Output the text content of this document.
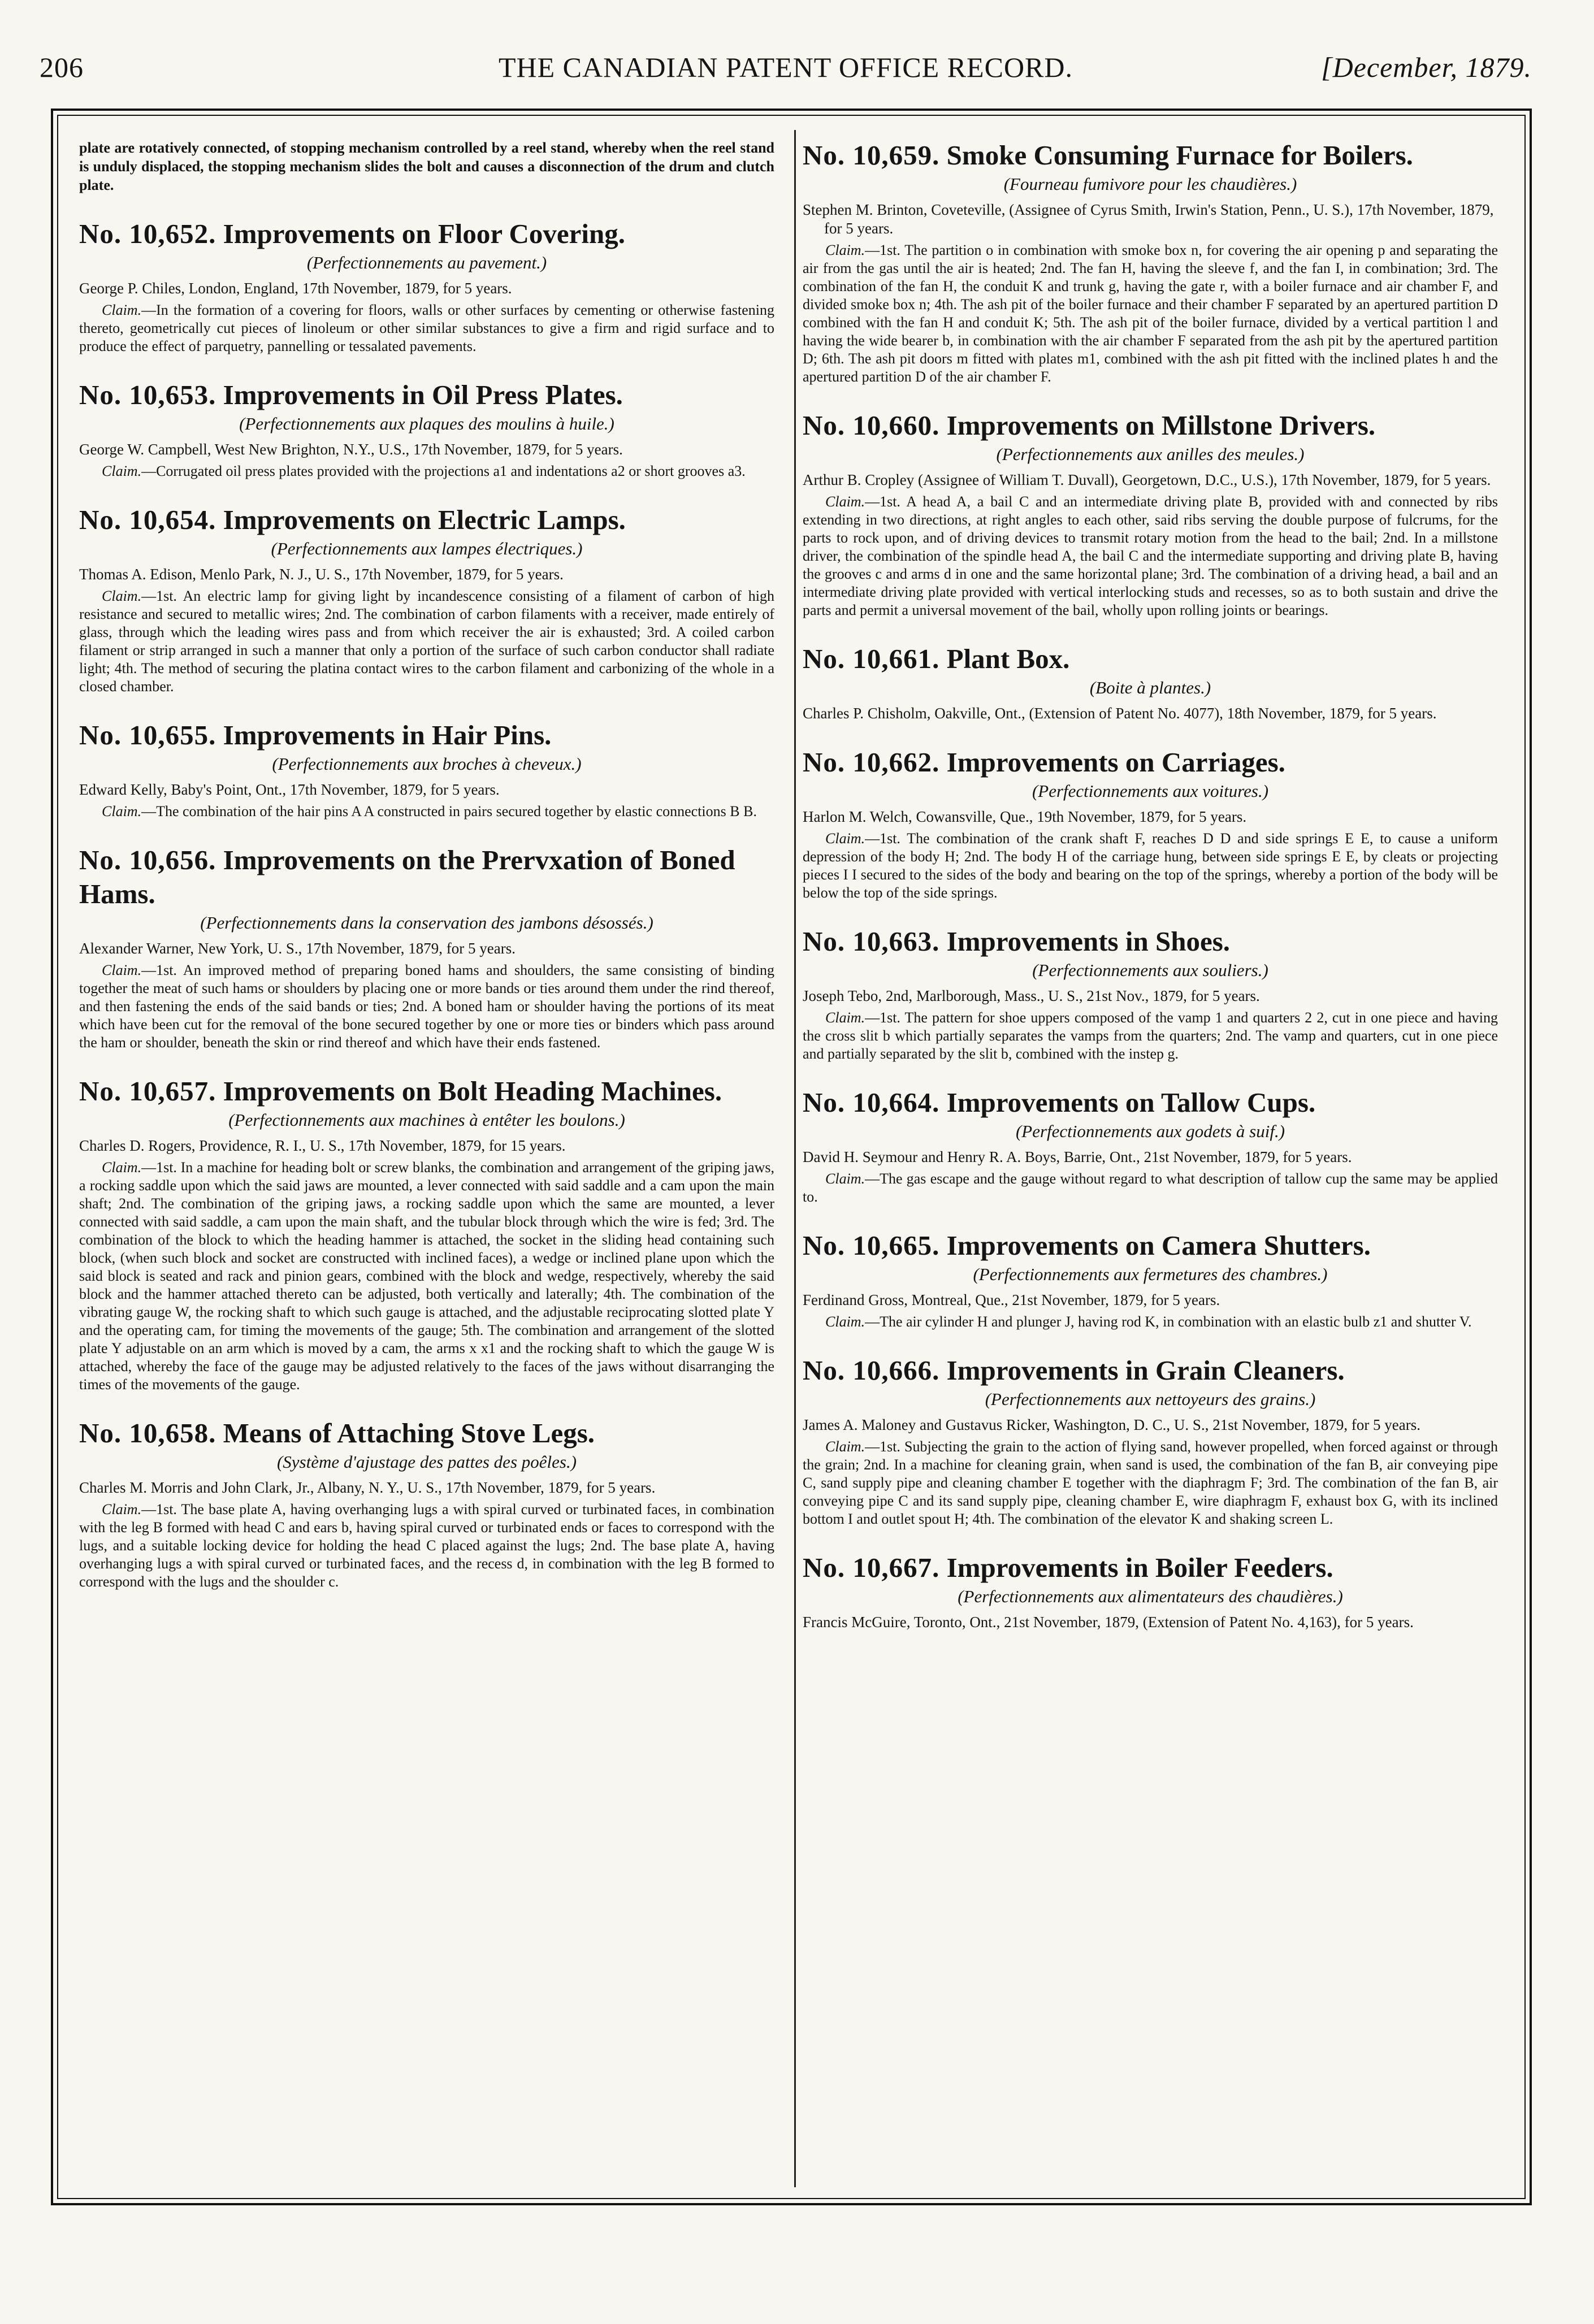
206	THE CANADIAN PATENT OFFICE RECORD.	[December, 1879.

plate are rotatively connected, of stopping mechanism controlled by a reel stand, whereby when the reel stand is unduly displaced, the stopping mechanism slides the bolt and causes a disconnection of the drum and clutch plate.

No. 10,652. Improvements on Floor Covering.

(Perfectionnements au pavement.)

George P. Chiles, London, England, 17th November, 1879, for 5 years.

Claim.—In the formation of a covering for floors, walls or other surfaces by cementing or otherwise fastening thereto, geometrically cut pieces of linoleum or other similar substances to give a firm and rigid surface and to produce the effect of parquetry, pannelling or tessalated pavements.

No. 10,653. Improvements in Oil Press Plates.

(Perfectionnements aux plaques des moulins à huile.)

George W. Campbell, West New Brighton, N.Y., U.S., 17th November, 1879, for 5 years.

Claim.—Corrugated oil press plates provided with the projections a1 and indentations a2 or short grooves a3.

No. 10,654. Improvements on Electric Lamps.

(Perfectionnements aux lampes électriques.)

Thomas A. Edison, Menlo Park, N. J., U. S., 17th November, 1879, for 5 years.

Claim.—1st. An electric lamp for giving light by incandescence consisting of a filament of carbon of high resistance and secured to metallic wires; 2nd. The combination of carbon filaments with a receiver, made entirely of glass, through which the leading wires pass and from which receiver the air is exhausted; 3rd. A coiled carbon filament or strip arranged in such a manner that only a portion of the surface of such carbon conductor shall radiate light; 4th. The method of securing the platina contact wires to the carbon filament and carbonizing of the whole in a closed chamber.

No. 10,655. Improvements in Hair Pins.

(Perfectionnements aux broches à cheveux.)

Edward Kelly, Baby's Point, Ont., 17th November, 1879, for 5 years.

Claim.—The combination of the hair pins A A constructed in pairs secured together by elastic connections B B.

No. 10,656. Improvements on the Prervxation of Boned Hams.

(Perfectionnements dans la conservation des jambons désossés.)

Alexander Warner, New York, U. S., 17th November, 1879, for 5 years.

Claim.—1st. An improved method of preparing boned hams and shoulders, the same consisting of binding together the meat of such hams or shoulders by placing one or more bands or ties around them under the rind thereof, and then fastening the ends of the said bands or ties; 2nd. A boned ham or shoulder having the portions of its meat which have been cut for the removal of the bone secured together by one or more ties or binders which pass around the ham or shoulder, beneath the skin or rind thereof and which have their ends fastened.

No. 10,657. Improvements on Bolt Heading Machines.

(Perfectionnements aux machines à entêter les boulons.)

Charles D. Rogers, Providence, R. I., U. S., 17th November, 1879, for 15 years.

Claim.—1st. In a machine for heading bolt or screw blanks, the combination and arrangement of the griping jaws, a rocking saddle upon which the said jaws are mounted, a lever connected with said saddle and a cam upon the main shaft; 2nd. The combination of the griping jaws, a rocking saddle upon which the same are mounted, a lever connected with said saddle, a cam upon the main shaft, and the tubular block through which the wire is fed; 3rd. The combination of the block to which the heading hammer is attached, the socket in the sliding head containing such block, (when such block and socket are constructed with inclined faces), a wedge or inclined plane upon which the said block is seated and rack and pinion gears, combined with the block and wedge, respectively, whereby the said block and the hammer attached thereto can be adjusted, both vertically and laterally; 4th. The combination of the vibrating gauge W, the rocking shaft to which such gauge is attached, and the adjustable reciprocating slotted plate Y and the operating cam, for timing the movements of the gauge; 5th. The combination and arrangement of the slotted plate Y adjustable on an arm which is moved by a cam, the arms x x1 and the rocking shaft to which the gauge W is attached, whereby the face of the gauge may be adjusted relatively to the faces of the jaws without disarranging the times of the movements of the gauge.

No. 10,658. Means of Attaching Stove Legs.

(Système d'ajustage des pattes des poêles.)

Charles M. Morris and John Clark, Jr., Albany, N. Y., U. S., 17th November, 1879, for 5 years.

Claim.—1st. The base plate A, having overhanging lugs a with spiral curved or turbinated faces, in combination with the leg B formed with head C and ears b, having spiral curved or turbinated ends or faces to correspond with the lugs, and a suitable locking device for holding the head C placed against the lugs; 2nd. The base plate A, having overhanging lugs a with spiral curved or turbinated faces, and the recess d, in combination with the leg B formed to correspond with the lugs and the shoulder c.

No. 10,659. Smoke Consuming Furnace for Boilers.

(Fourneau fumivore pour les chaudières.)

Stephen M. Brinton, Coveteville, (Assignee of Cyrus Smith, Irwin's Station, Penn., U. S.), 17th November, 1879, for 5 years.

Claim.—1st. The partition o in combination with smoke box n, for covering the air opening p and separating the air from the gas until the air is heated; 2nd. The fan H, having the sleeve f, and the fan I, in combination; 3rd. The combination of the fan H, the conduit K and trunk g, having the gate r, with a boiler furnace and air chamber F, and divided smoke box n; 4th. The ash pit of the boiler furnace and their chamber F separated by an apertured partition D combined with the fan H and conduit K; 5th. The ash pit of the boiler furnace, divided by a vertical partition l and having the wide bearer b, in combination with the air chamber F separated from the ash pit by the apertured partition D; 6th. The ash pit doors m fitted with plates m1, combined with the ash pit fitted with the inclined plates h and the apertured partition D of the air chamber F.

No. 10,660. Improvements on Millstone Drivers.

(Perfectionnements aux anilles des meules.)

Arthur B. Cropley (Assignee of William T. Duvall), Georgetown, D.C., U.S.), 17th November, 1879, for 5 years.

Claim.—1st. A head A, a bail C and an intermediate driving plate B, provided with and connected by ribs extending in two directions, at right angles to each other, said ribs serving the double purpose of fulcrums, for the parts to rock upon, and of driving devices to transmit rotary motion from the head to the bail; 2nd. In a millstone driver, the combination of the spindle head A, the bail C and the intermediate supporting and driving plate B, having the grooves c and arms d in one and the same horizontal plane; 3rd. The combination of a driving head, a bail and an intermediate driving plate provided with vertical interlocking studs and recesses, so as to both sustain and drive the parts and permit a universal movement of the bail, wholly upon rolling joints or bearings.

No. 10,661. Plant Box.

(Boite à plantes.)

Charles P. Chisholm, Oakville, Ont., (Extension of Patent No. 4077), 18th November, 1879, for 5 years.

No. 10,662. Improvements on Carriages.

(Perfectionnements aux voitures.)

Harlon M. Welch, Cowansville, Que., 19th November, 1879, for 5 years.

Claim.—1st. The combination of the crank shaft F, reaches D D and side springs E E, to cause a uniform depression of the body H; 2nd. The body H of the carriage hung, between side springs E E, by cleats or projecting pieces I I secured to the sides of the body and bearing on the top of the springs, whereby a portion of the body will be below the top of the side springs.

No. 10,663. Improvements in Shoes.

(Perfectionnements aux souliers.)

Joseph Tebo, 2nd, Marlborough, Mass., U. S., 21st Nov., 1879, for 5 years.

Claim.—1st. The pattern for shoe uppers composed of the vamp 1 and quarters 2 2, cut in one piece and having the cross slit b which partially separates the vamps from the quarters; 2nd. The vamp and quarters, cut in one piece and partially separated by the slit b, combined with the instep g.

No. 10,664. Improvements on Tallow Cups.

(Perfectionnements aux godets à suif.)

David H. Seymour and Henry R. A. Boys, Barrie, Ont., 21st November, 1879, for 5 years.

Claim.—The gas escape and the gauge without regard to what description of tallow cup the same may be applied to.

No. 10,665. Improvements on Camera Shutters.

(Perfectionnements aux fermetures des chambres.)

Ferdinand Gross, Montreal, Que., 21st November, 1879, for 5 years.

Claim.—The air cylinder H and plunger J, having rod K, in combination with an elastic bulb z1 and shutter V.

No. 10,666. Improvements in Grain Cleaners.

(Perfectionnements aux nettoyeurs des grains.)

James A. Maloney and Gustavus Ricker, Washington, D. C., U. S., 21st November, 1879, for 5 years.

Claim.—1st. Subjecting the grain to the action of flying sand, however propelled, when forced against or through the grain; 2nd. In a machine for cleaning grain, when sand is used, the combination of the fan B, air conveying pipe C, sand supply pipe and cleaning chamber E together with the diaphragm F; 3rd. The combination of the fan B, air conveying pipe C and its sand supply pipe, cleaning chamber E, wire diaphragm F, exhaust box G, with its inclined bottom I and outlet spout H; 4th. The combination of the elevator K and shaking screen L.

No. 10,667. Improvements in Boiler Feeders.

(Perfectionnements aux alimentateurs des chaudières.)

Francis McGuire, Toronto, Ont., 21st November, 1879, (Extension of Patent No. 4,163), for 5 years.
